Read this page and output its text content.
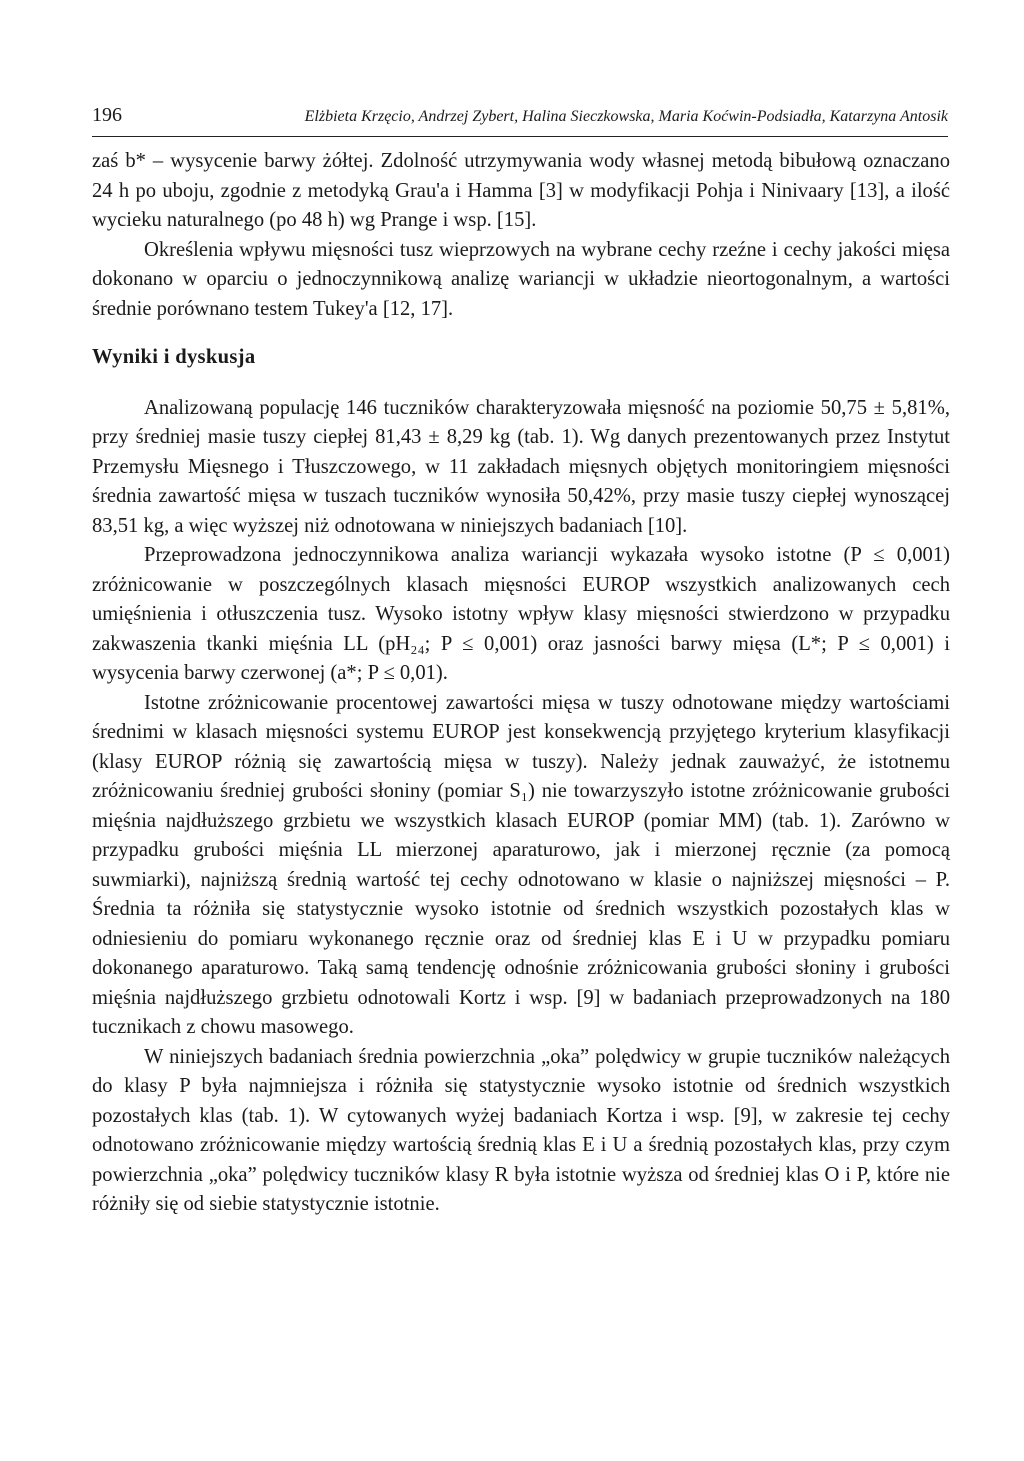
196	Elżbieta Krzęcio, Andrzej Zybert, Halina Sieczkowska, Maria Koćwin-Podsiadła, Katarzyna Antosik

zaś b* – wysycenie barwy żółtej. Zdolność utrzymywania wody własnej metodą bibułową oznaczano 24 h po uboju, zgodnie z metodyką Grau'a i Hamma [3] w modyfikacji Pohja i Ninivaary [13], a ilość wycieku naturalnego (po 48 h) wg Prange i wsp. [15].

Określenia wpływu mięsności tusz wieprzowych na wybrane cechy rzeźne i cechy jakości mięsa dokonano w oparciu o jednoczynnikową analizę wariancji w układzie nieortogonalnym, a wartości średnie porównano testem Tukey'a [12, 17].

Wyniki i dyskusja

Analizowaną populację 146 tuczników charakteryzowała mięsność na poziomie 50,75 ± 5,81%, przy średniej masie tuszy ciepłej 81,43 ± 8,29 kg (tab. 1). Wg danych prezentowanych przez Instytut Przemysłu Mięsnego i Tłuszczowego, w 11 zakładach mięsnych objętych monitoringiem mięsności średnia zawartość mięsa w tuszach tuczników wynosiła 50,42%, przy masie tuszy ciepłej wynoszącej 83,51 kg, a więc wyższej niż odnotowana w niniejszych badaniach [10].

Przeprowadzona jednoczynnikowa analiza wariancji wykazała wysoko istotne (P ≤ 0,001) zróżnicowanie w poszczególnych klasach mięsności EUROP wszystkich analizowanych cech umięśnienia i otłuszczenia tusz. Wysoko istotny wpływ klasy mięsności stwierdzono w przypadku zakwaszenia tkanki mięśnia LL (pH₂₄; P ≤ 0,001) oraz jasności barwy mięsa (L*; P ≤ 0,001) i wysycenia barwy czerwonej (a*; P ≤ 0,01).

Istotne zróżnicowanie procentowej zawartości mięsa w tuszy odnotowane między wartościami średnimi w klasach mięsności systemu EUROP jest konsekwencją przyjętego kryterium klasyfikacji (klasy EUROP różnią się zawartością mięsa w tuszy). Należy jednak zauważyć, że istotnemu zróżnicowaniu średniej grubości słoniny (pomiar S₁) nie towarzyszyło istotne zróżnicowanie grubości mięśnia najdłuższego grzbietu we wszystkich klasach EUROP (pomiar MM) (tab. 1). Zarówno w przypadku grubości mięśnia LL mierzonej aparaturowo, jak i mierzonej ręcznie (za pomocą suwmiarki), najniższą średnią wartość tej cechy odnotowano w klasie o najniższej mięsności – P. Średnia ta różniła się statystycznie wysoko istotnie od średnich wszystkich pozostałych klas w odniesieniu do pomiaru wykonanego ręcznie oraz od średniej klas E i U w przypadku pomiaru dokonanego aparaturowo. Taką samą tendencję odnośnie zróżnicowania grubości słoniny i grubości mięśnia najdłuższego grzbietu odnotowali Kortz i wsp. [9] w badaniach przeprowadzonych na 180 tucznikach z chowu masowego.

W niniejszych badaniach średnia powierzchnia „oka” polędwicy w grupie tuczników należących do klasy P była najmniejsza i różniła się statystycznie wysoko istotnie od średnich wszystkich pozostałych klas (tab. 1). W cytowanych wyżej badaniach Kortza i wsp. [9], w zakresie tej cechy odnotowano zróżnicowanie między wartością średnią klas E i U a średnią pozostałych klas, przy czym powierzchnia „oka” polędwicy tuczników klasy R była istotnie wyższa od średniej klas O i P, które nie różniły się od siebie statystycznie istotnie.
